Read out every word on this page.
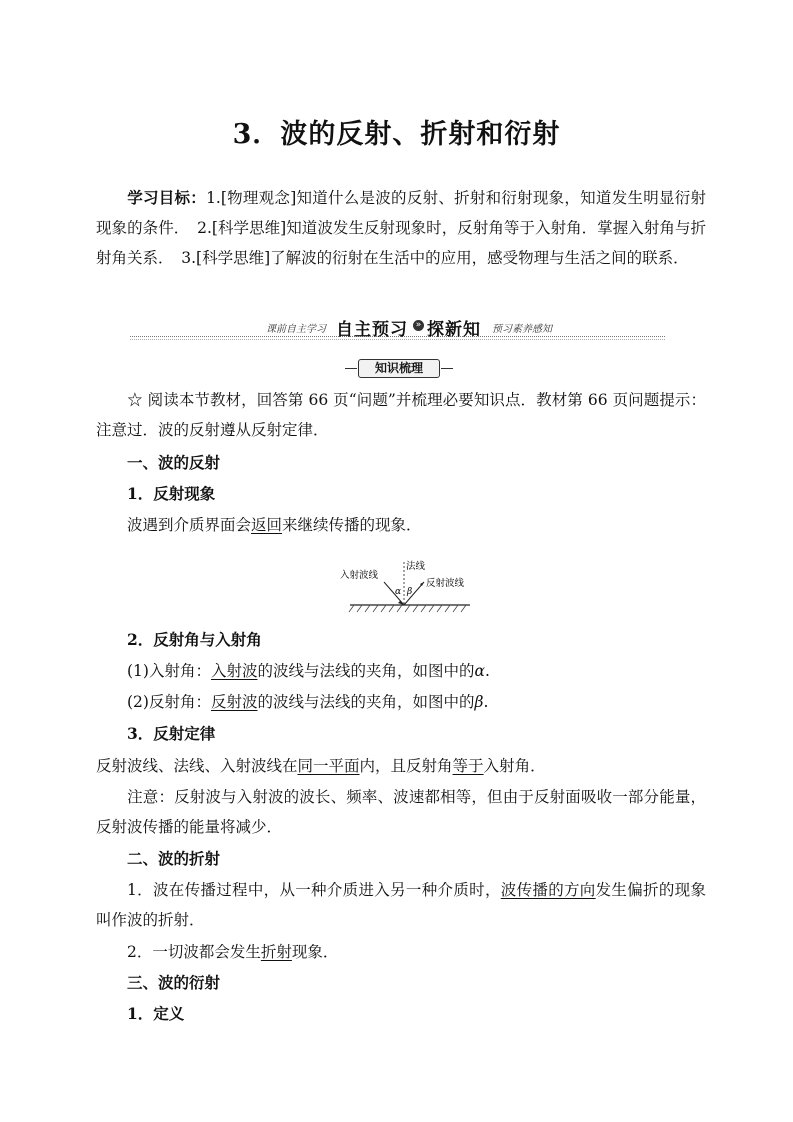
3．波的反射、折射和衍射
学习目标：1.[物理观念]知道什么是波的反射、折射和衍射现象，知道发生明显衍射现象的条件．　2.[科学思维]知道波发生反射现象时，反射角等于入射角．掌握入射角与折射角关系．　3.[科学思维]了解波的衍射在生活中的应用，感受物理与生活之间的联系．
课前自主学习 自主预习 » 探新知 预习素养感知
知识梳理
☆ 阅读本节教材，回答第 66 页“问题”并梳理必要知识点．教材第 66 页问题提示：注意过．波的反射遵从反射定律．
一、波的反射
1．反射现象
波遇到介质界面会返回来继续传播的现象．
入射波线
法线
反射波线
α β
2．反射角与入射角
(1)入射角：入射波的波线与法线的夹角，如图中的α.
(2)反射角：反射波的波线与法线的夹角，如图中的β.
3．反射定律
反射波线、法线、入射波线在同一平面内，且反射角等于入射角．
注意：反射波与入射波的波长、频率、波速都相等，但由于反射面吸收一部分能量，反射波传播的能量将减少．
二、波的折射
1．波在传播过程中，从一种介质进入另一种介质时，波传播的方向发生偏折的现象叫作波的折射．
2．一切波都会发生折射现象．
三、波的衍射
1．定义
